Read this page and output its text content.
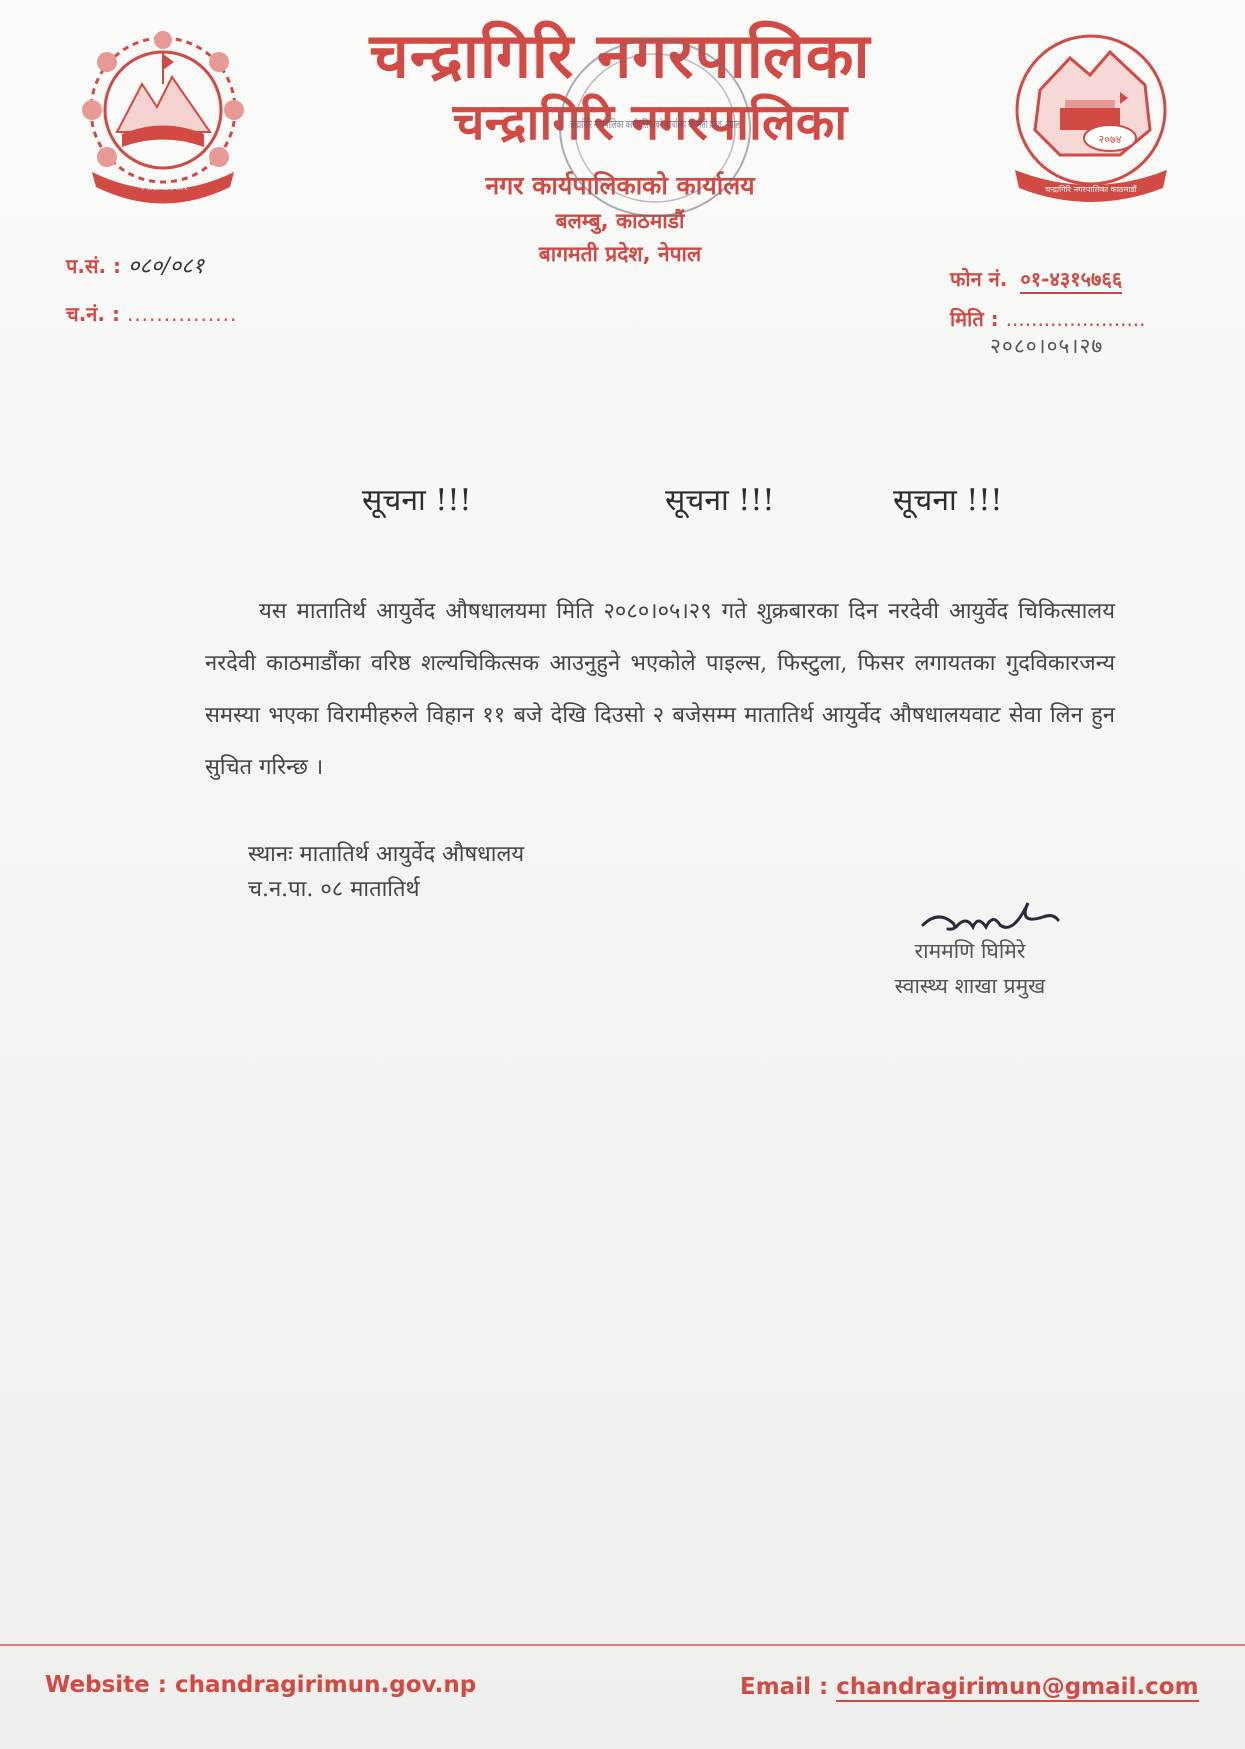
नेपाल सरकार
२०७४
चन्द्रागिरि नगरपालिका काठमाडौं
चन्द्रागिरि नगरपालिका
चन्द्रागिरि नगरपालिका
नगर कार्यपालिकाको कार्यालय
बलम्बु, काठमाडौं
बागमती प्रदेश, नेपाल
चन्द्रागिरि नगरपालिका कार्यपालिकाको कार्यालय बागमती प्रदेश, नेपाल
प.सं. : ०८०/०८१
च.नं. : ...............
फोन नं. ०१-४३१५७६६
मिति : ......................
२०८०।०५।२७
सूचना !!!	सूचना !!!	सूचना !!!

यस मातातिर्थ आयुर्वेद औषधालयमा मिति २०८०।०५।२९ गते शुक्रबारका दिन नरदेवी आयुर्वेद चिकित्सालय नरदेवी काठमाडौंका वरिष्ठ शल्यचिकित्सक आउनुहुने भएकोले पाइल्स, फिस्टुला, फिसर लगायतका गुदविकारजन्य समस्या भएका विरामीहरुले विहान ११ बजे देखि दिउसो २ बजेसम्म मातातिर्थ आयुर्वेद औषधालयवाट सेवा लिन हुन सुचित गरिन्छ ।

स्थानः मातातिर्थ आयुर्वेद औषधालय
च.न.पा. ०८ मातातिर्थ
राममणि घिमिरे
स्वास्थ्य शाखा प्रमुख
Website : chandragirimun.gov.np	Email : chandragirimun@gmail.com
